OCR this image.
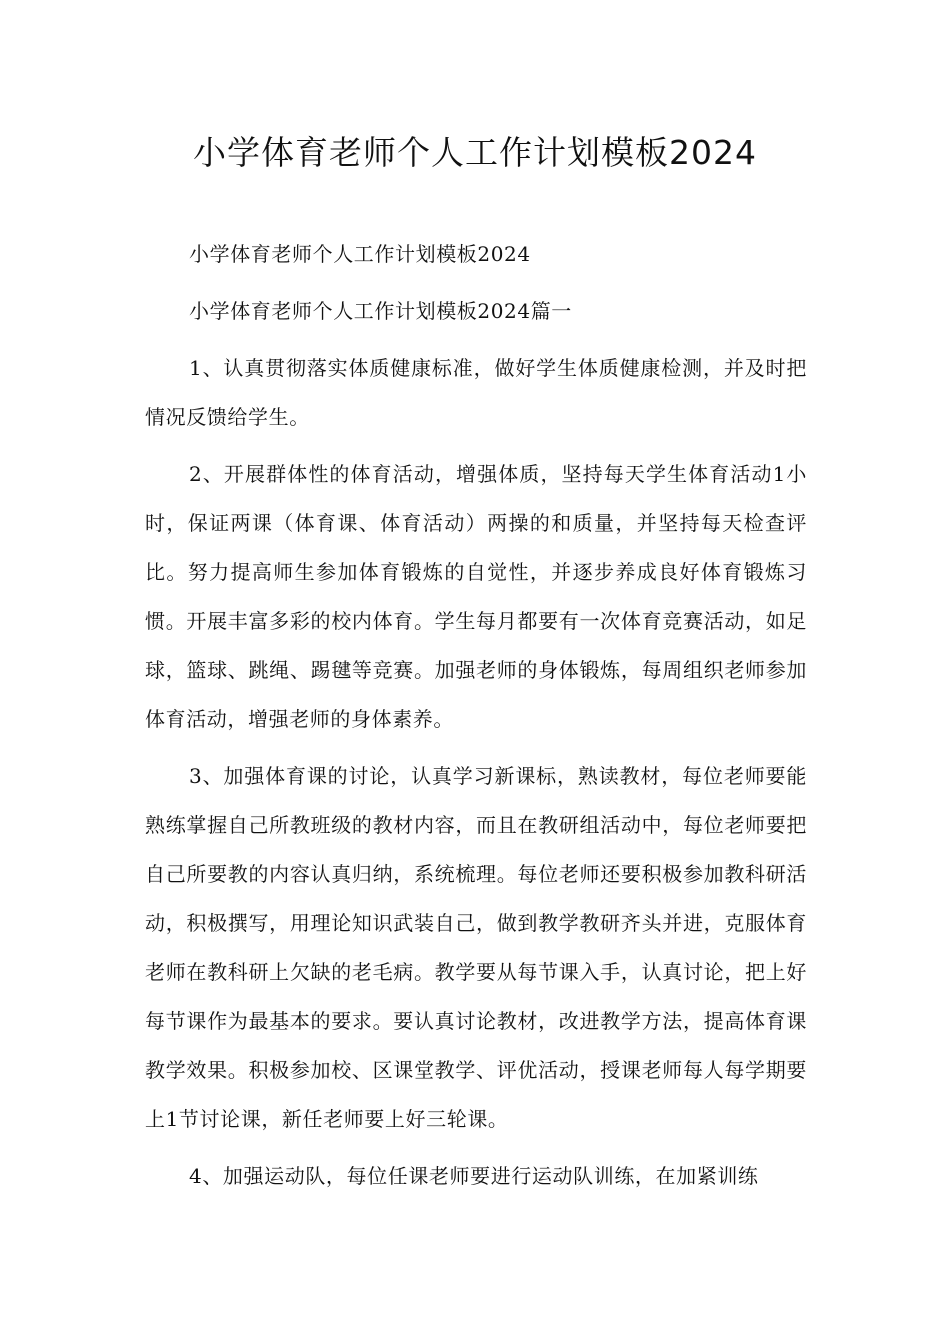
小学体育老师个人工作计划模板2024

小学体育老师个人工作计划模板2024

小学体育老师个人工作计划模板2024篇一

1、认真贯彻落实体质健康标准，做好学生体质健康检测，并及时把情况反馈给学生。

2、开展群体性的体育活动，增强体质，坚持每天学生体育活动1小时，保证两课（体育课、体育活动）两操的和质量，并坚持每天检查评比。努力提高师生参加体育锻炼的自觉性，并逐步养成良好体育锻炼习惯。开展丰富多彩的校内体育。学生每月都要有一次体育竞赛活动，如足球，篮球、跳绳、踢毽等竞赛。加强老师的身体锻炼，每周组织老师参加体育活动，增强老师的身体素养。

3、加强体育课的讨论，认真学习新课标，熟读教材，每位老师要能熟练掌握自己所教班级的教材内容，而且在教研组活动中，每位老师要把自己所要教的内容认真归纳，系统梳理。每位老师还要积极参加教科研活动，积极撰写，用理论知识武装自己，做到教学教研齐头并进，克服体育老师在教科研上欠缺的老毛病。教学要从每节课入手，认真讨论，把上好每节课作为最基本的要求。要认真讨论教材，改进教学方法，提高体育课教学效果。积极参加校、区课堂教学、评优活动，授课老师每人每学期要上1节讨论课，新任老师要上好三轮课。

4、加强运动队，每位任课老师要进行运动队训练，在加紧训练
